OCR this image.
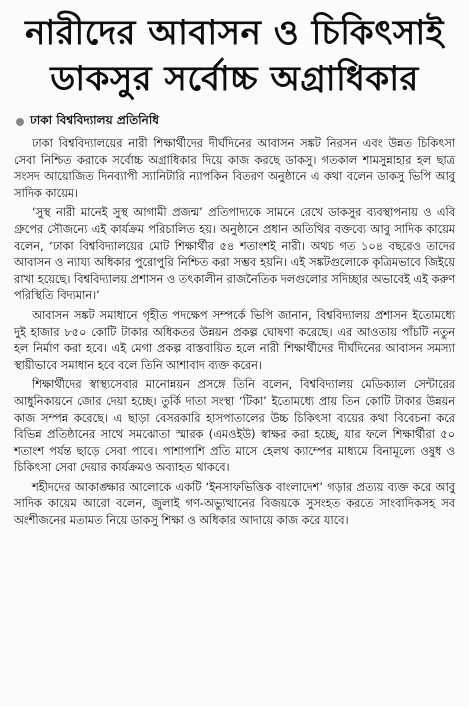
নারীদের আবাসন ও চিকিৎসাই
ডাকসুর সর্বোচ্চ অগ্রাধিকার
ঢাকা বিশ্ববিদ্যালয় প্রতিনিধি

ঢাকা বিশ্ববিদ্যালয়ের নারী শিক্ষার্থীদের দীর্ঘদিনের আবাসন সঙ্কট নিরসন এবং উন্নত চিকিৎসা সেবা নিশ্চিত করাকে সর্বোচ্চ অগ্রাধিকার দিয়ে কাজ করছে ডাকসু। গতকাল শামসুন্নাহার হল ছাত্র সংসদ আয়োজিত দিনব্যাপী স্যানিটারি ন্যাপকিন বিতরণ অনুষ্ঠানে এ কথা বলেন ডাকসু ভিপি আবু সাদিক কায়েম।

‘সুস্থ নারী মানেই সুস্থ আগামী প্রজন্ম’ প্রতিপাদ্যকে সামনে রেখে ডাকসুর ব্যবস্থাপনায় ও এবি গ্রুপের সৌজন্যে এই কার্যক্রম পরিচালিত হয়। অনুষ্ঠানে প্রধান অতিথির বক্তব্যে আবু সাদিক কায়েম বলেন, ‘ঢাকা বিশ্ববিদ্যালয়ের মোট শিক্ষার্থীর ৫৪ শতাংশই নারী। অথচ গত ১০৪ বছরেও তাদের আবাসন ও ন্যায্য অধিকার পুরোপুরি নিশ্চিত করা সম্ভব হয়নি। এই সঙ্কটগুলোকে কৃত্রিমভাবে জিইয়ে রাখা হয়েছে। বিশ্ববিদ্যালয় প্রশাসন ও তৎকালীন রাজনৈতিক দলগুলোর সদিচ্ছার অভাবেই এই করুণ পরিস্থিতি বিদ্যমান।’

আবাসন সঙ্কট সমাধানে গৃহীত পদক্ষেপ সম্পর্কে ভিপি জানান, বিশ্ববিদ্যালয় প্রশাসন ইতোমধ্যে দুই হাজার ৮৫০ কোটি টাকার অধিকতর উন্নয়ন প্রকল্প ঘোষণা করেছে। এর আওতায় পাঁচটি নতুন হল নির্মাণ করা হবে। এই মেগা প্রকল্প বাস্তবায়িত হলে নারী শিক্ষার্থীদের দীর্ঘদিনের আবাসন সমস্যা স্থায়ীভাবে সমাধান হবে বলে তিনি আশাবাদ ব্যক্ত করেন।

শিক্ষার্থীদের স্বাস্থ্যসেবার মানোন্নয়ন প্রসঙ্গে তিনি বলেন, বিশ্ববিদ্যালয় মেডিক্যাল সেন্টারের আধুনিকায়নে জোর দেয়া হচ্ছে। তুর্কি দাতা সংস্থা ‘টিকা’ ইতোমধ্যে প্রায় তিন কোটি টাকার উন্নয়ন কাজ সম্পন্ন করেছে। এ ছাড়া বেসরকারি হাসপাতালের উচ্চ চিকিৎসা ব্যয়ের কথা বিবেচনা করে বিভিন্ন প্রতিষ্ঠানের সাথে সমঝোতা স্মারক (এমওইউ) স্বাক্ষর করা হচ্ছে, যার ফলে শিক্ষার্থীরা ৫০ শতাংশ পর্যন্ত ছাড়ে সেবা পাবে। পাশাপাশি প্রতি মাসে হেলথ ক্যাম্পের মাধ্যমে বিনামূল্যে ওষুধ ও চিকিৎসা সেবা দেয়ার কার্যক্রমও অব্যাহত থাকবে।

শহীদদের আকাঙ্ক্ষার আলোকে একটি ‘ইনসাফভিত্তিক বাংলাদেশ’ গড়ার প্রত্যয় ব্যক্ত করে আবু সাদিক কায়েম আরো বলেন, জুলাই গণ-অভ্যুত্থানের বিজয়কে সুসংহত করতে সাংবাদিকসহ সব অংশীজনের মতামত নিয়ে ডাকসু শিক্ষা ও অধিকার আদায়ে কাজ করে যাবে।
